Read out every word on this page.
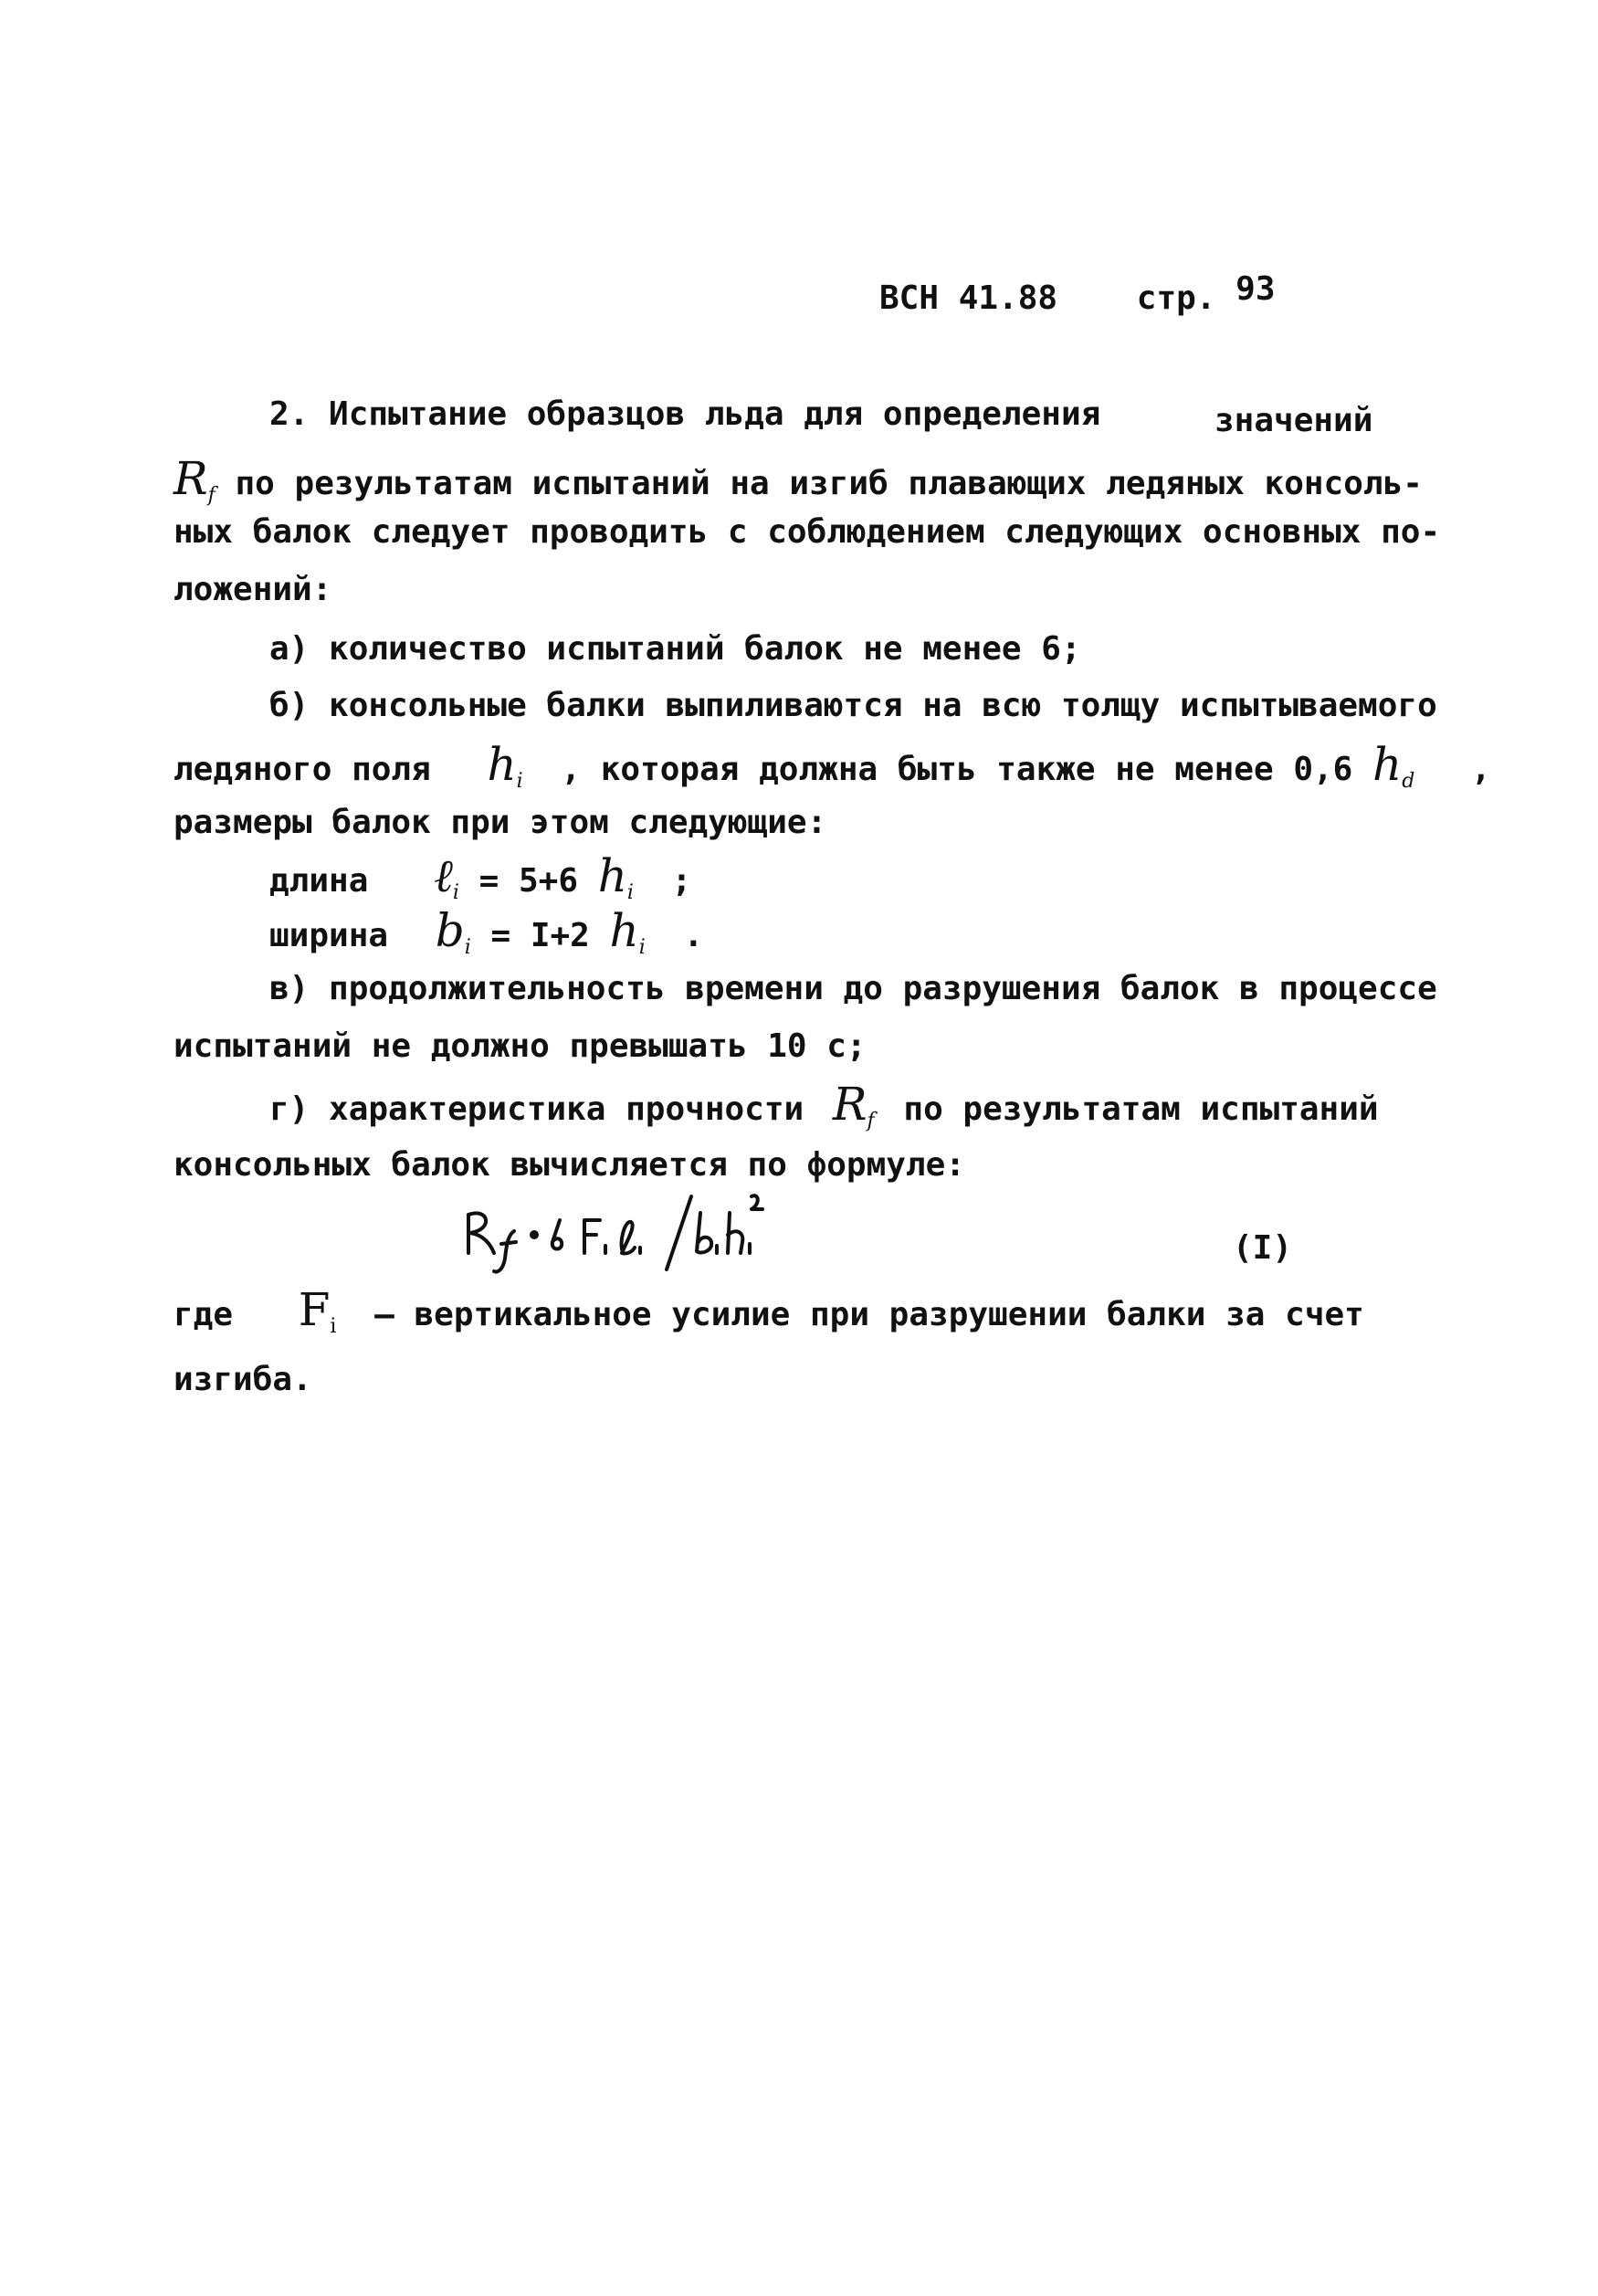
ВСН 41.88 стр. 93
2. Испытание образцов льда для определения	значений
$R_f$ по результатам испытаний на изгиб плавающих ледяных консоль-
ных балок следует проводить с соблюдением следующих основных по-
ложений:
а) количество испытаний балок не менее 6;
б) консольные балки выпиливаются на всю толщу испытываемого
ледяного поля $h_i$ , которая должна быть также не менее 0,6 $h_d$ ,
размеры балок при этом следующие:
длина ℓ$_i$ = 5+6 $h_i$ ;
ширина $b_i = I+2$ $h_i$ .
в) продолжительность времени до разрушения балок в процессе
испытаний не должно превышать 10 с;
г) характеристика прочности $R_f$ по результатам испытаний
консольных балок вычисляется по формуле:
(I)
где $F_i$ – вертикальное усилие при разрушении балки за счет
изгиба.
